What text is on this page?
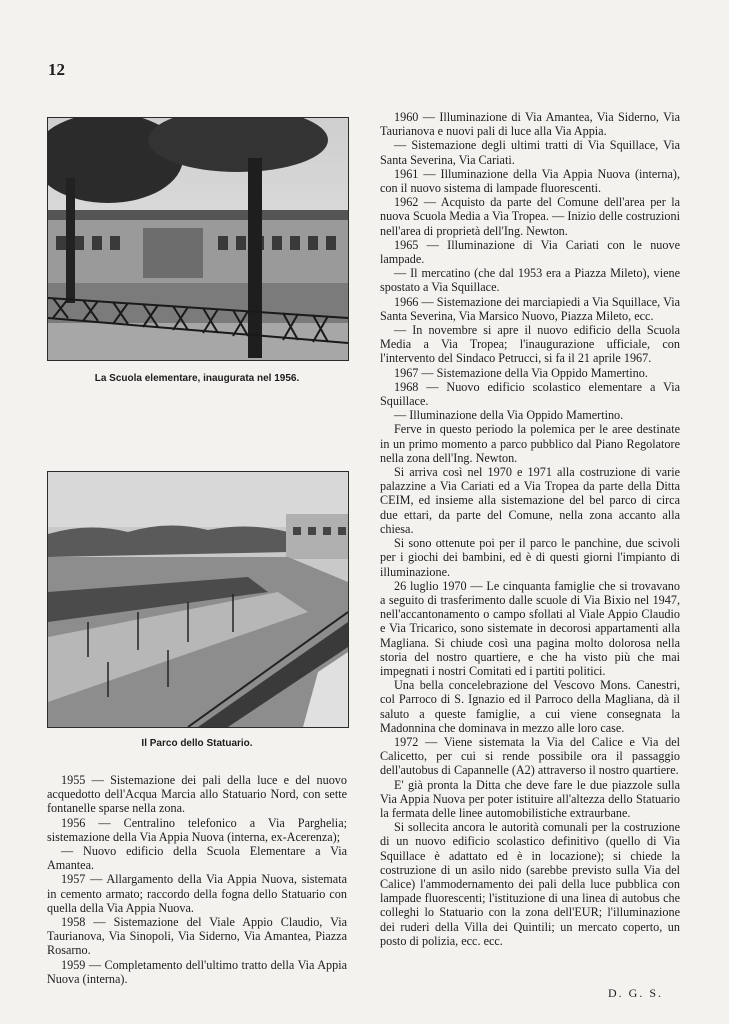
12
La Scuola elementare, inaugurata nel 1956.
Il Parco dello Statuario.

1955 — Sistemazione dei pali della luce e del nuovo acquedotto dell'Acqua Marcia allo Statuario Nord, con sette fontanelle sparse nella zona.

1956 — Centralino telefonico a Via Parghelia; sistemazione della Via Appia Nuova (interna, ex-Acerenza);

— Nuovo edificio della Scuola Elementare a Via Amantea.

1957 — Allargamento della Via Appia Nuova, sistemata in cemento armato; raccordo della fogna dello Statuario con quella della Via Appia Nuova.

1958 — Sistemazione del Viale Appio Claudio, Via Taurianova, Via Sinopoli, Via Siderno, Via Amantea, Piazza Rosarno.

1959 — Completamento dell'ultimo tratto della Via Appia Nuova (interna).

1960 — Illuminazione di Via Amantea, Via Siderno, Via Taurianova e nuovi pali di luce alla Via Appia.

— Sistemazione degli ultimi tratti di Via Squillace, Via Santa Severina, Via Cariati.

1961 — Illuminazione della Via Appia Nuova (interna), con il nuovo sistema di lampade fluorescenti.

1962 — Acquisto da parte del Comune dell'area per la nuova Scuola Media a Via Tropea. — Inizio delle costruzioni nell'area di proprietà dell'Ing. Newton.

1965 — Illuminazione di Via Cariati con le nuove lampade.

— Il mercatino (che dal 1953 era a Piazza Mileto), viene spostato a Via Squillace.

1966 — Sistemazione dei marciapiedi a Via Squillace, Via Santa Severina, Via Marsico Nuovo, Piazza Mileto, ecc.

— In novembre si apre il nuovo edificio della Scuola Media a Via Tropea; l'inaugurazione ufficiale, con l'intervento del Sindaco Petrucci, si fa il 21 aprile 1967.

1967 — Sistemazione della Via Oppido Mamertino.

1968 — Nuovo edificio scolastico elementare a Via Squillace.

— Illuminazione della Via Oppido Mamertino.

Ferve in questo periodo la polemica per le aree destinate in un primo momento a parco pubblico dal Piano Regolatore nella zona dell'Ing. Newton.

Si arriva così nel 1970 e 1971 alla costruzione di varie palazzine a Via Cariati ed a Via Tropea da parte della Ditta CEIM, ed insieme alla sistemazione del bel parco di circa due ettari, da parte del Comune, nella zona accanto alla chiesa.

Si sono ottenute poi per il parco le panchine, due scivoli per i giochi dei bambini, ed è di questi giorni l'impianto di illuminazione.

26 luglio 1970 — Le cinquanta famiglie che si trovavano a seguito di trasferimento dalle scuole di Via Bixio nel 1947, nell'accantonamento o campo sfollati al Viale Appio Claudio e Via Tricarico, sono sistemate in decorosi appartamenti alla Magliana. Si chiude così una pagina molto dolorosa nella storia del nostro quartiere, e che ha visto più che mai impegnati i nostri Comitati ed i partiti politici.

Una bella concelebrazione del Vescovo Mons. Canestri, col Parroco di S. Ignazio ed il Parroco della Magliana, dà il saluto a queste famiglie, a cui viene consegnata la Madonnina che dominava in mezzo alle loro case.

1972 — Viene sistemata la Via del Calice e Via del Calicetto, per cui si rende possibile ora il passaggio dell'autobus di Capannelle (A2) attraverso il nostro quartiere.

E' già pronta la Ditta che deve fare le due piazzole sulla Via Appia Nuova per poter istituire all'altezza dello Statuario la fermata delle linee automobilistiche extraurbane.

Si sollecita ancora le autorità comunali per la costruzione di un nuovo edificio scolastico definitivo (quello di Via Squillace è adattato ed è in locazione); si chiede la costruzione di un asilo nido (sarebbe previsto sulla Via del Calice) l'ammodernamento dei pali della luce pubblica con lampade fluorescenti; l'istituzione di una linea di autobus che colleghi lo Statuario con la zona dell'EUR; l'illuminazione dei ruderi della Villa dei Quintili; un mercato coperto, un posto di polizia, ecc. ecc.

D. G. S.
